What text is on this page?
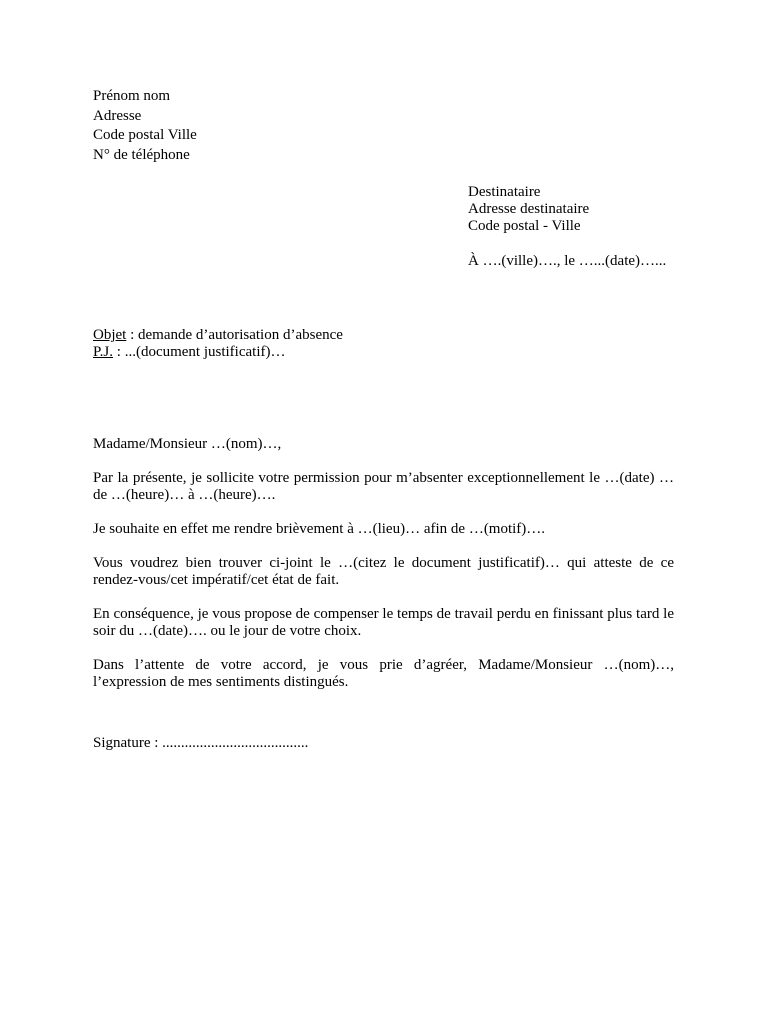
Prénom nom
Adresse
Code postal Ville
N° de téléphone
Destinataire
Adresse destinataire
Code postal - Ville
À ….(ville)…., le …...(date)…...
Objet : demande d’autorisation d’absence
P.J. : ...(document justificatif)…

Madame/Monsieur …(nom)…,

Par la présente, je sollicite votre permission pour m’absenter exceptionnellement le …(date) … de …(heure)… à …(heure)….

Je souhaite en effet me rendre brièvement à …(lieu)… afin de …(motif)….

Vous voudrez bien trouver ci-joint le …(citez le document justificatif)… qui atteste de ce rendez-vous/cet impératif/cet état de fait.

En conséquence, je vous propose de compenser le temps de travail perdu en finissant plus tard le soir du …(date)…. ou le jour de votre choix.

Dans l’attente de votre accord, je vous prie d’agréer, Madame/Monsieur …(nom)…, l’expression de mes sentiments distingués.

Signature : .......................................
